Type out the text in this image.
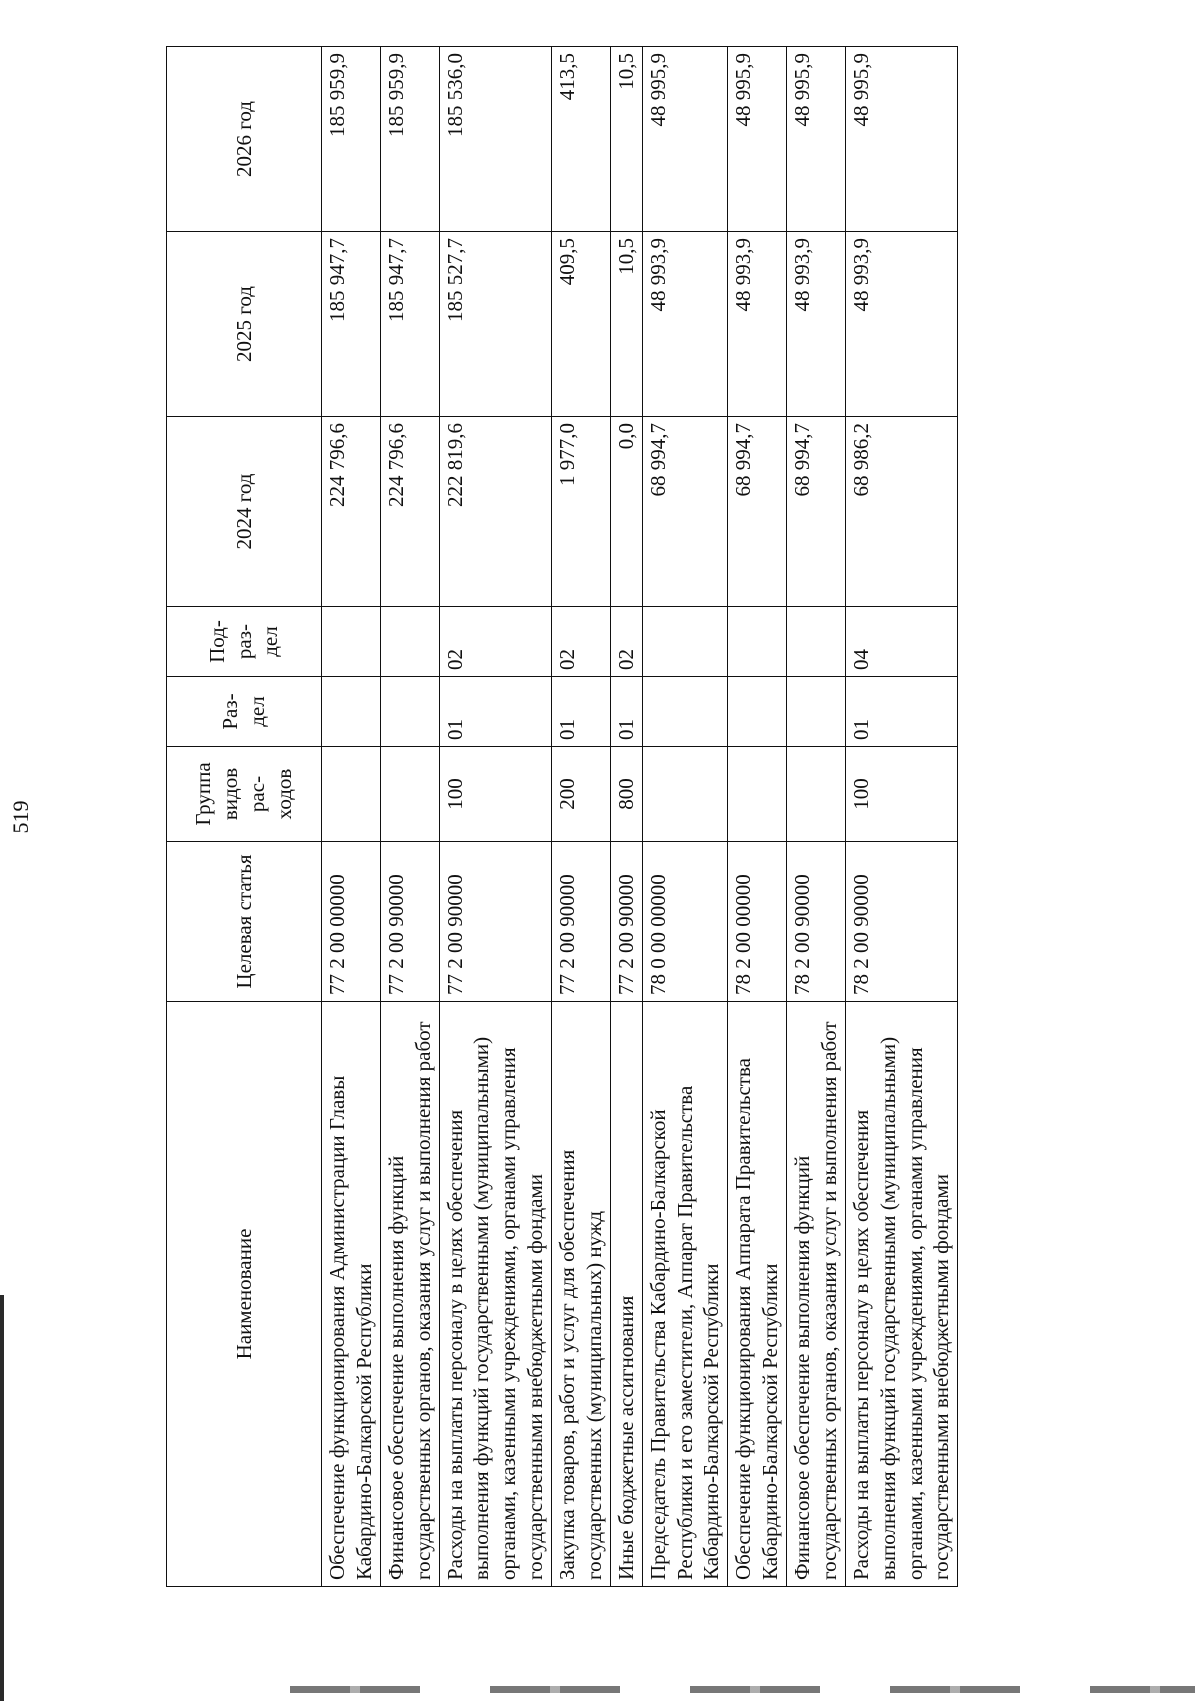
519
Наименование	Целевая статья	Группа видов рас- ходов	Раз- дел	Под- раз- дел	2024 год	2025 год	2026 год
Обеспечение функционирования Администрации Главы Кабардино-Балкарской Республики	77 2 00 00000				224 796,6	185 947,7	185 959,9
Финансовое обеспечение выполнения функций государственных органов, оказания услуг и выполнения работ	77 2 00 90000				224 796,6	185 947,7	185 959,9
Расходы на выплаты персоналу в целях обеспечения выполнения функций государственными (муниципальными) органами, казенными учреждениями, органами управления государственными внебюджетными фондами	77 2 00 90000	100	01	02	222 819,6	185 527,7	185 536,0
Закупка товаров, работ и услуг для обеспечения государственных (муниципальных) нужд	77 2 00 90000	200	01	02	1 977,0	409,5	413,5
Иные бюджетные ассигнования	77 2 00 90000	800	01	02	0,0	10,5	10,5
Председатель Правительства Кабардино-Балкарской Республики и его заместители, Аппарат Правительства Кабардино-Балкарской Республики	78 0 00 00000				68 994,7	48 993,9	48 995,9
Обеспечение функционирования Аппарата Правительства Кабардино-Балкарской Республики	78 2 00 00000				68 994,7	48 993,9	48 995,9
Финансовое обеспечение выполнения функций государственных органов, оказания услуг и выполнения работ	78 2 00 90000				68 994,7	48 993,9	48 995,9
Расходы на выплаты персоналу в целях обеспечения выполнения функций государственными (муниципальными) органами, казенными учреждениями, органами управления государственными внебюджетными фондами	78 2 00 90000	100	01	04	68 986,2	48 993,9	48 995,9
